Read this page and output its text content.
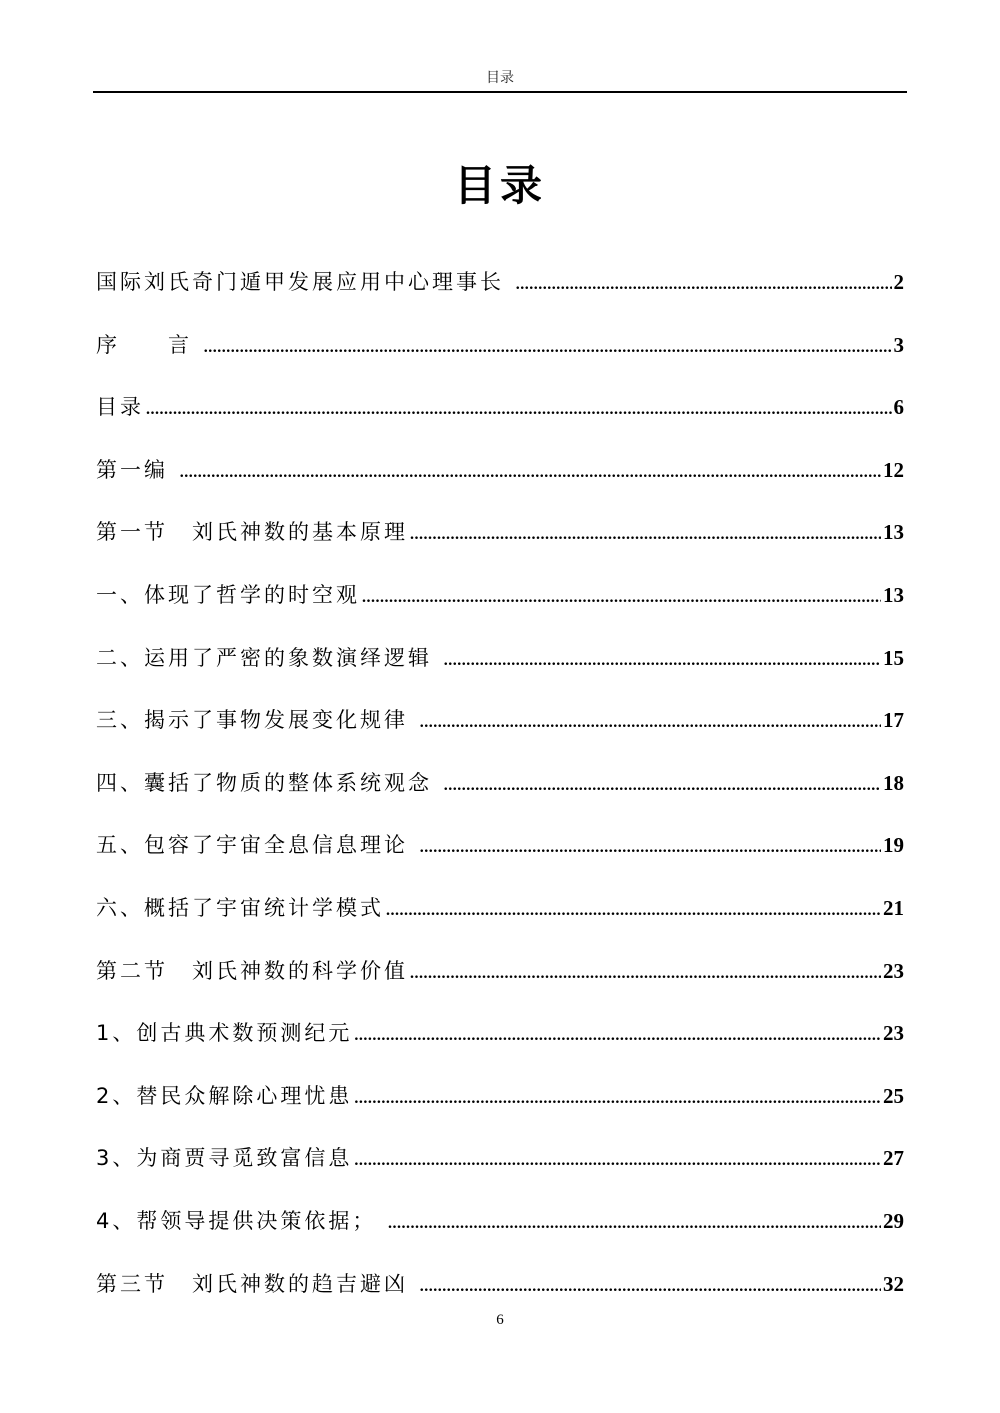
目录
目录
国际刘氏奇门遁甲发展应用中心理事长 .....	2
序　　言 .....	3
目录 .....	6
第一编 .....	12
第一节　刘氏神数的基本原理 .....	13
一、体现了哲学的时空观 .....	13
二、运用了严密的象数演绎逻辑 .....	15
三、揭示了事物发展变化规律 .....	17
四、囊括了物质的整体系统观念 .....	18
五、包容了宇宙全息信息理论 .....	19
六、概括了宇宙统计学模式 .....	21
第二节　刘氏神数的科学价值 .....	23
1、创古典术数预测纪元 .....	23
2、替民众解除心理忧患 .....	25
3、为商贾寻觅致富信息 .....	27
4、帮领导提供决策依据； .....	29
第三节　刘氏神数的趋吉避凶 .....	32
6
